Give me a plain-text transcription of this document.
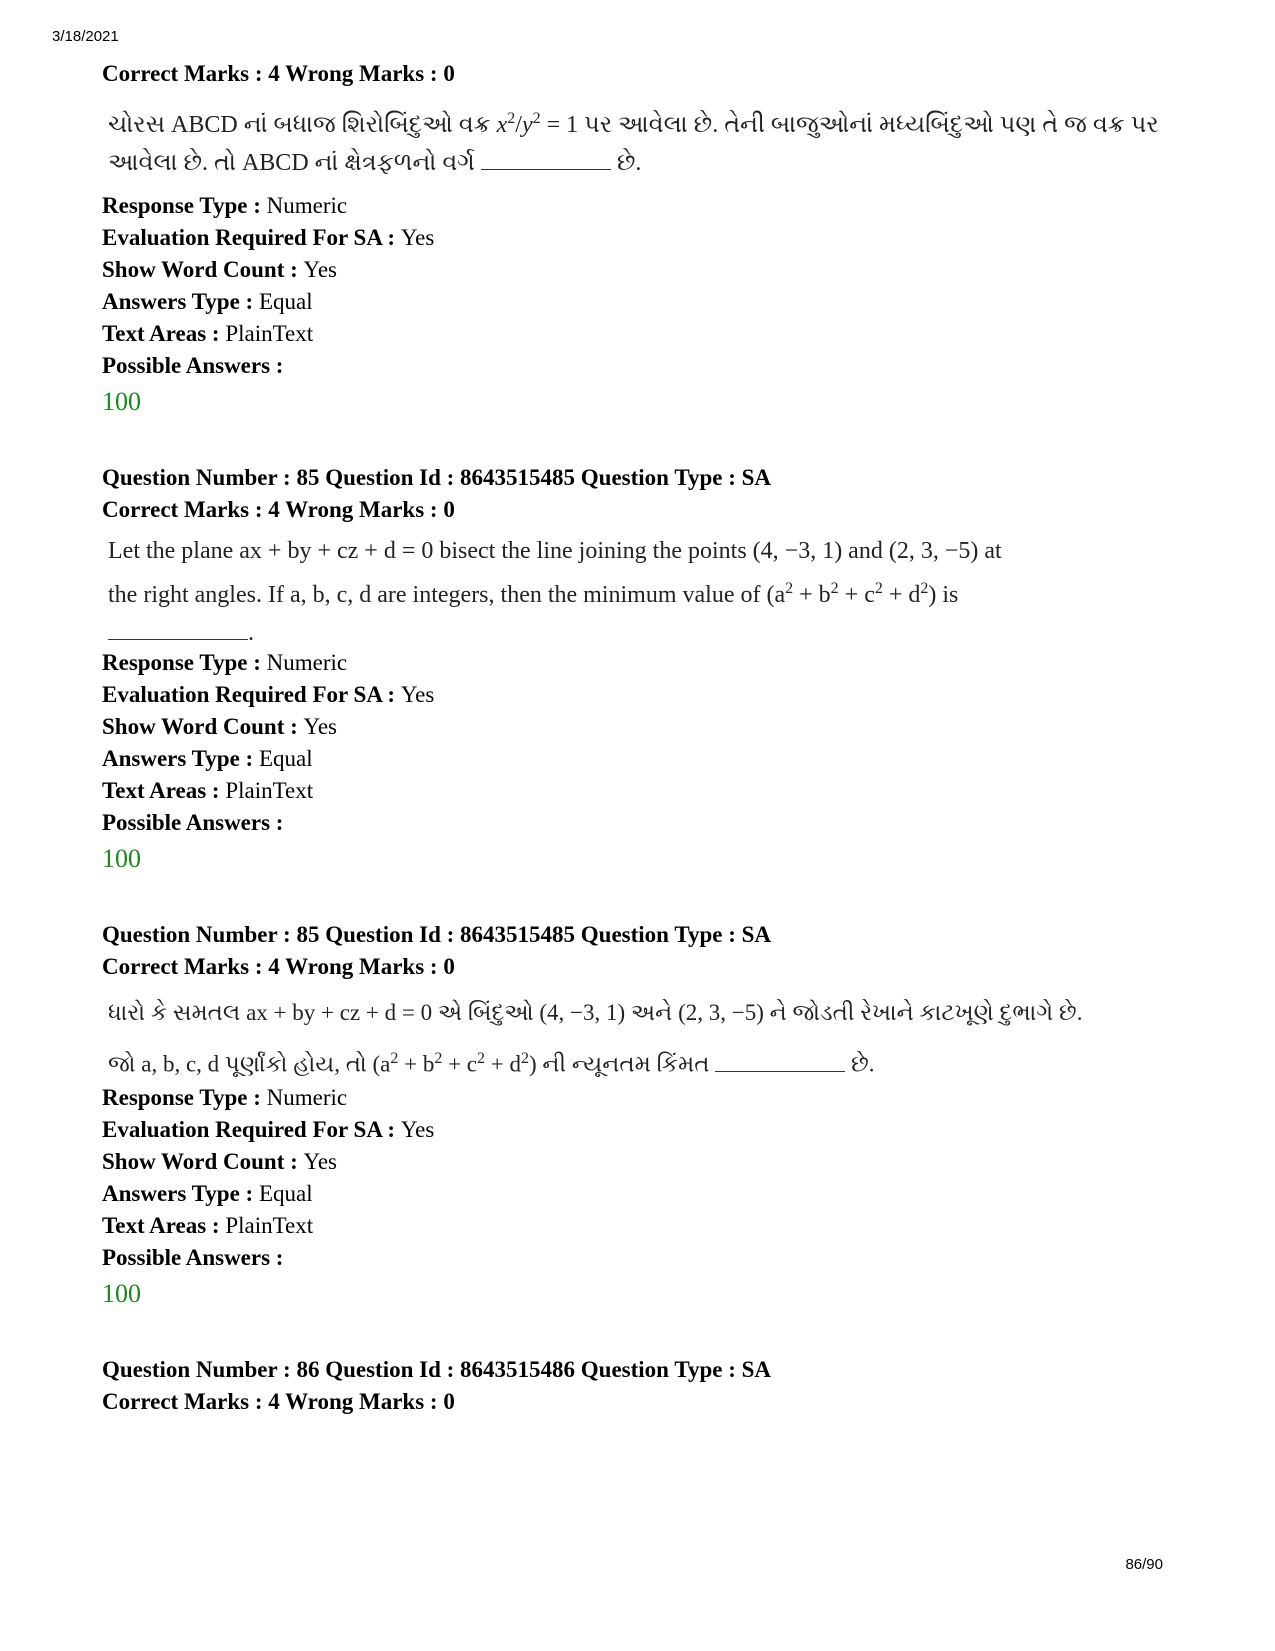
3/18/2021
Correct Marks : 4 Wrong Marks : 0
ચોરસ ABCD નાં બધાજ શિરોબિંદુઓ વક્ર $x^2/y^2 = 1$ પર આવેલા છે. તેની બાજુઓનાં મધ્યબિંદુઓ પણ તે જ વક્ર પર
આવેલા છે. તો ABCD નાં ક્ષેત્રફળનો વર્ગ	છે.
Response Type : Numeric
Evaluation Required For SA : Yes
Show Word Count : Yes
Answers Type : Equal
Text Areas : PlainText
Possible Answers :
100
Question Number : 85 Question Id : 8643515485 Question Type : SA
Correct Marks : 4 Wrong Marks : 0
Let the plane ax + by + cz + d = 0 bisect the line joining the points (4, −3, 1) and (2, 3, −5) at
the right angles. If a, b, c, d are integers, then the minimum value of $(a^2 + b^2 + c^2 + d^2)$ is
.
Response Type : Numeric
Evaluation Required For SA : Yes
Show Word Count : Yes
Answers Type : Equal
Text Areas : PlainText
Possible Answers :
100
Question Number : 85 Question Id : 8643515485 Question Type : SA
Correct Marks : 4 Wrong Marks : 0
ધારો કે સમતલ ax + by + cz + d = 0 એ બિંદુઓ (4, −3, 1) અને (2, 3, −5) ને જોડતી રેખાને કાટખૂણે દુભાગે છે.
જો a, b, c, d પૂર્ણાંકો હોય, તો $(a^2 + b^2 + c^2 + d^2)$ ની ન્યૂનતમ કિંમત	છે.
Response Type : Numeric
Evaluation Required For SA : Yes
Show Word Count : Yes
Answers Type : Equal
Text Areas : PlainText
Possible Answers :
100
Question Number : 86 Question Id : 8643515486 Question Type : SA
Correct Marks : 4 Wrong Marks : 0
86/90
